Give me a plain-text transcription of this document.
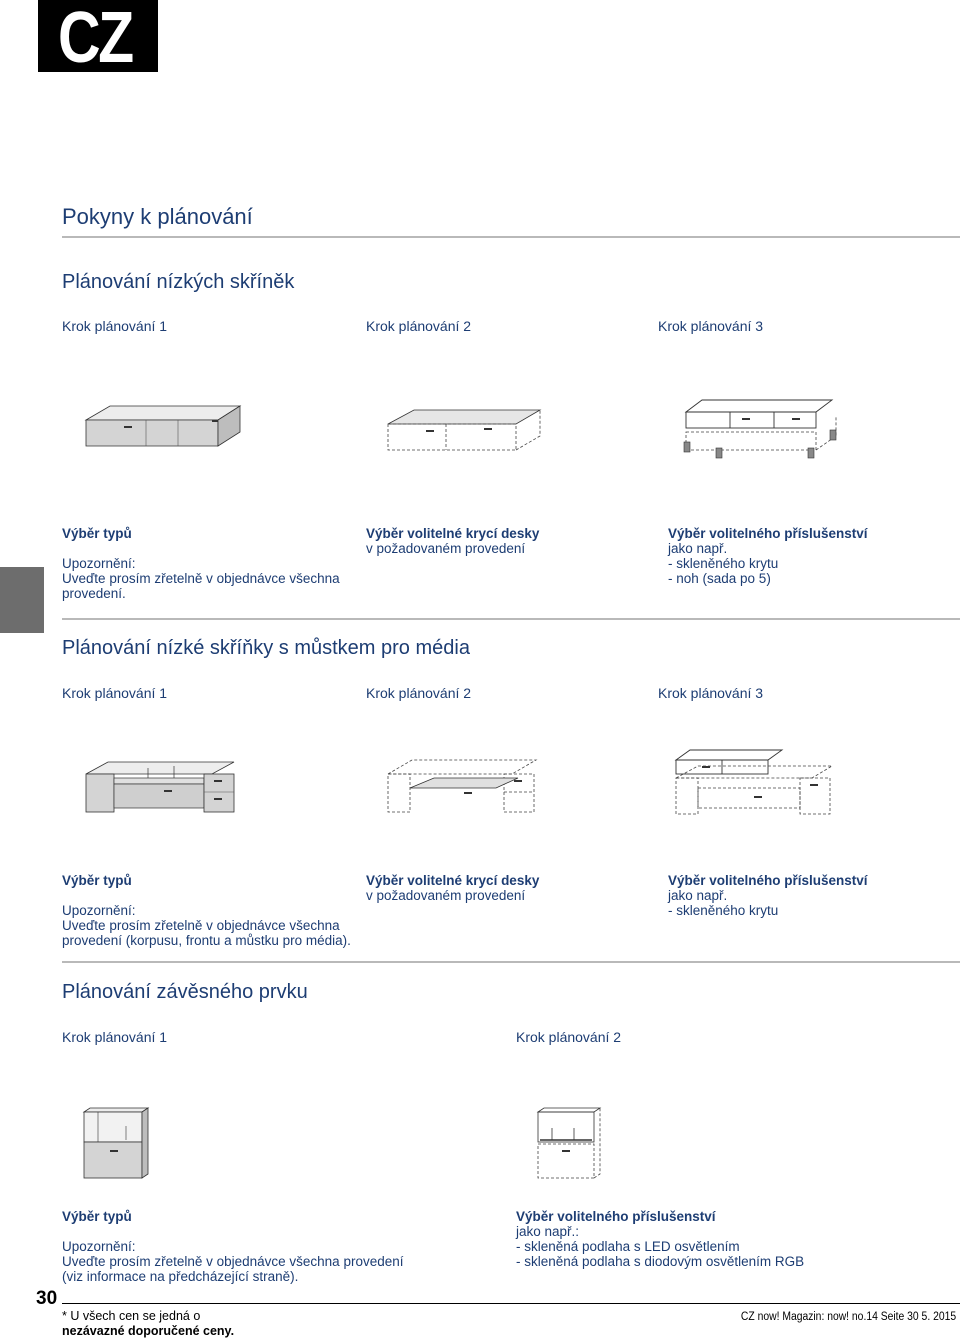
CZ
Pokyny k plánování
Plánování nízkých skříněk
Krok plánování 1	Krok plánování 2	Krok plánování 3

Výběr typů

Upozornění:
Uveďte prosím zřetelně v objednávce všechna
provedení.

Výběr volitelné krycí desky
v požadovaném provedení

Výběr volitelného příslušenství
jako např.
- skleněného krytu
- noh (sada po 5)

Plánování nízké skříňky s můstkem pro média
Krok plánování 1	Krok plánování 2	Krok plánování 3

Výběr typů

Upozornění:
Uveďte prosím zřetelně v objednávce všechna
provedení (korpusu, frontu a můstku pro média).

Výběr volitelné krycí desky
v požadovaném provedení

Výběr volitelného příslušenství
jako např.
- skleněného krytu

Plánování závěsného prvku
Krok plánování 1	Krok plánování 2

Výběr typů

Upozornění:
Uveďte prosím zřetelně v objednávce všechna provedení
(viz informace na předcházející straně).

Výběr volitelného příslušenství
jako např.:
- skleněná podlaha s LED osvětlením
- skleněná podlaha s diodovým osvětlením RGB

30
* U všech cen se jedná o
nezávazné doporučené ceny.
CZ now! Magazin: now! no.14 Seite 30 5. 2015
